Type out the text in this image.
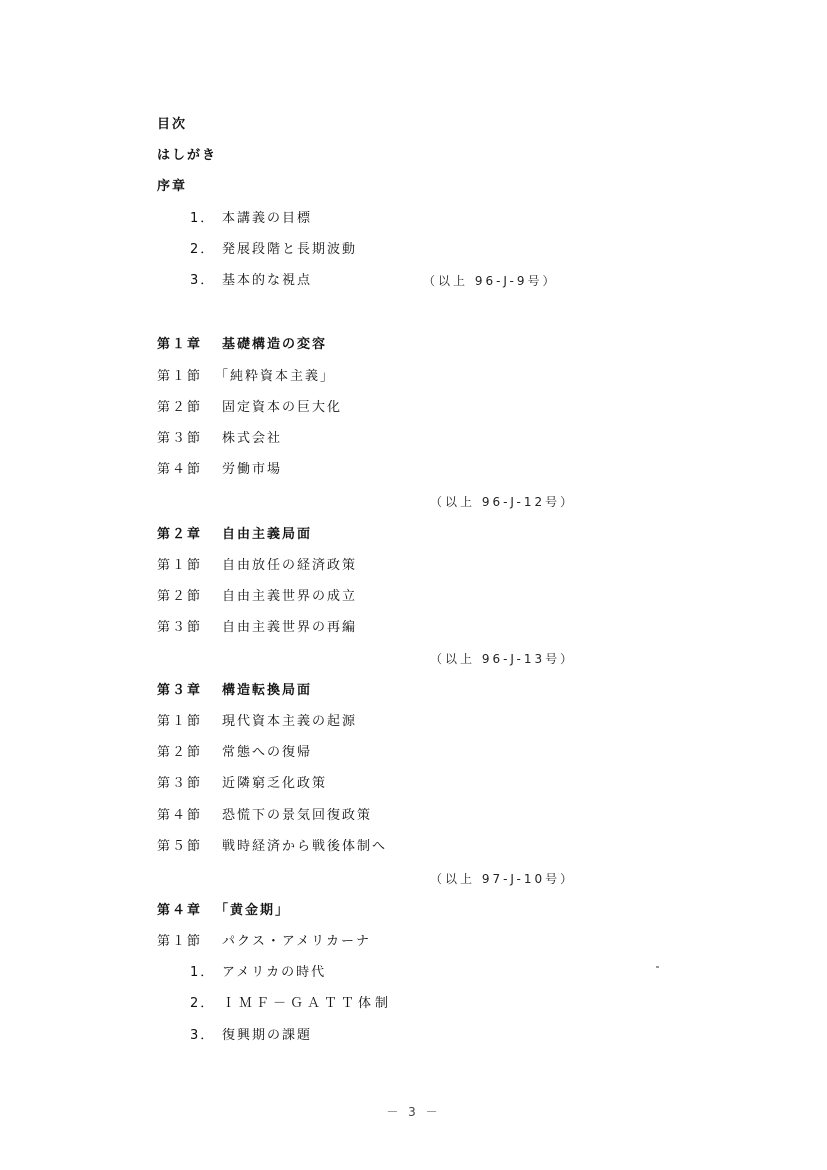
目次
はしがき
序章
1． 本講義の目標
2． 発展段階と長期波動
3． 基本的な視点	（以上 96-J-9号）
第１章 基礎構造の変容
第１節 「純粋資本主義」
第２節 固定資本の巨大化
第３節 株式会社
第４節 労働市場
（以上 96-J-12号）
第２章 自由主義局面
第１節 自由放任の経済政策
第２節 自由主義世界の成立
第３節 自由主義世界の再編
（以上 96-J-13号）
第３章 構造転換局面
第１節 現代資本主義の起源
第２節 常態への復帰
第３節 近隣窮乏化政策
第４節 恐慌下の景気回復政策
第５節 戦時経済から戦後体制へ
（以上 97-J-10号）
第４章 「黄金期」
第１節 パクス・アメリカーナ
1． アメリカの時代
2． ＩＭＦ－ＧＡＴＴ体制
3． 復興期の課題
－ 3 －
